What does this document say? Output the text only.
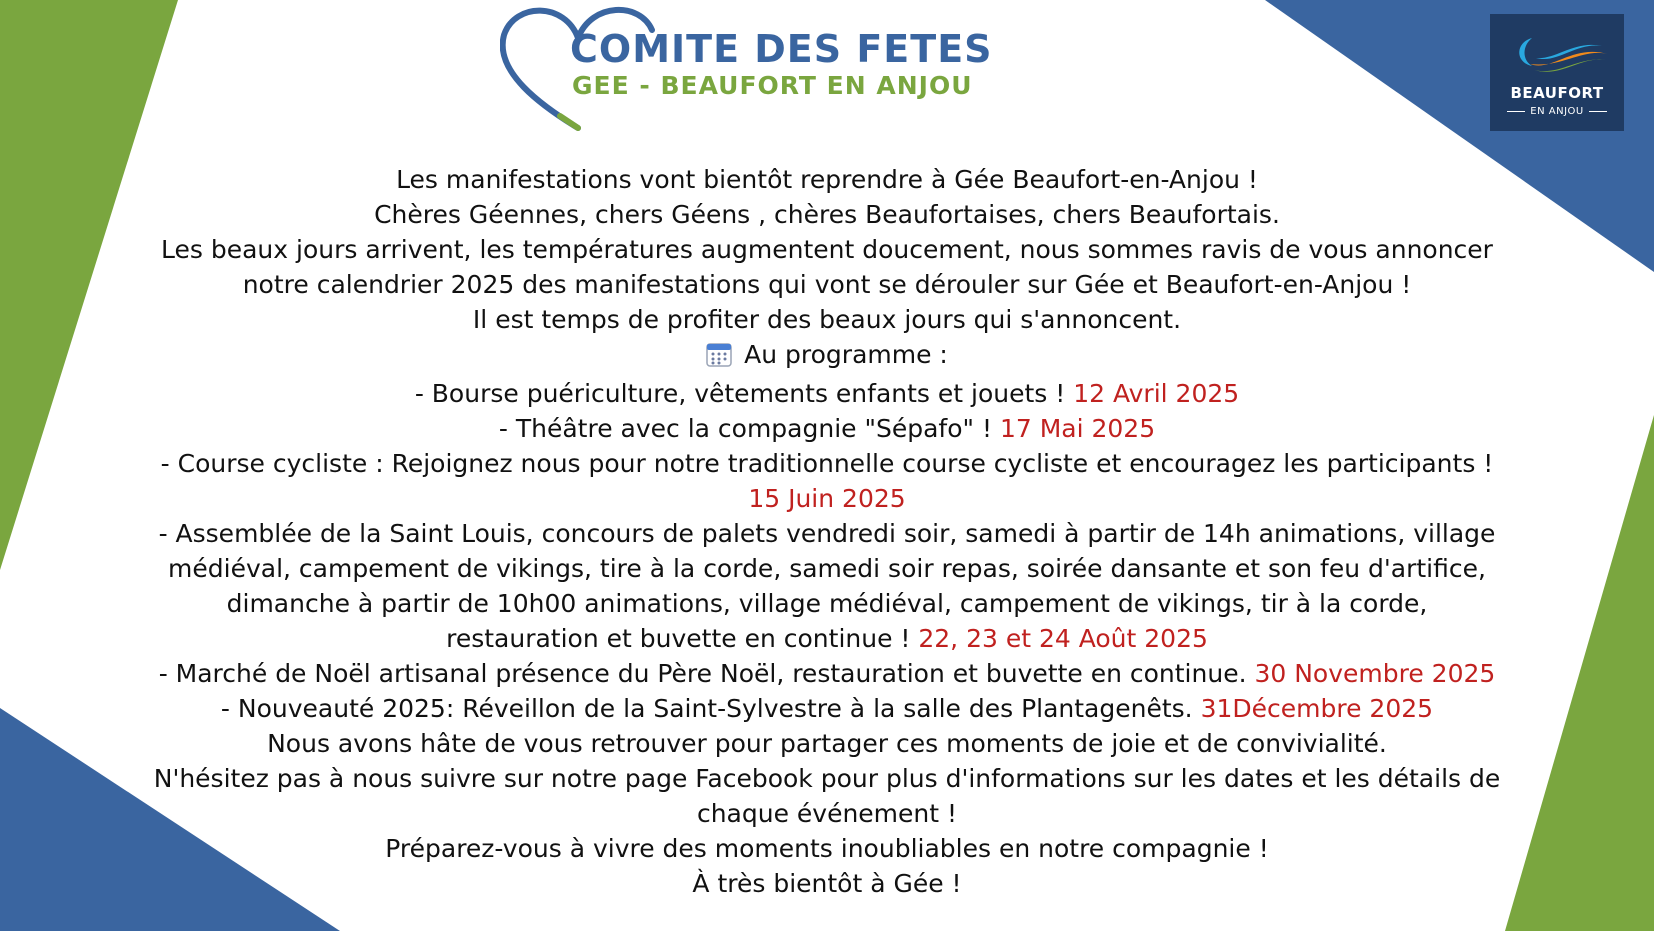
COMITE DES FETES
GEE - BEAUFORT EN ANJOU	BEAUFORT
EN ANJOU
Les manifestations vont bientôt reprendre à Gée Beaufort-en-Anjou !
Chères Géennes, chers Géens , chères Beaufortaises, chers Beaufortais.
Les beaux jours arrivent, les températures augmentent doucement, nous sommes ravis de vous annoncer
notre calendrier 2025 des manifestations qui vont se dérouler sur Gée et Beaufort-en-Anjou !
Il est temps de profiter des beaux jours qui s'annoncent.
Au programme :
- Bourse puériculture, vêtements enfants et jouets ! 12 Avril 2025
- Théâtre avec la compagnie "Sépafo" ! 17 Mai 2025
- Course cycliste : Rejoignez nous pour notre traditionnelle course cycliste et encouragez les participants !
15 Juin 2025
- Assemblée de la Saint Louis, concours de palets vendredi soir, samedi à partir de 14h animations, village
médiéval, campement de vikings, tire à la corde, samedi soir repas, soirée dansante et son feu d'artifice,
dimanche à partir de 10h00 animations, village médiéval, campement de vikings, tir à la corde,
restauration et buvette en continue ! 22, 23 et 24 Août 2025
- Marché de Noël artisanal présence du Père Noël, restauration et buvette en continue. 30 Novembre 2025
- Nouveauté 2025: Réveillon de la Saint-Sylvestre à la salle des Plantagenêts. 31Décembre 2025
Nous avons hâte de vous retrouver pour partager ces moments de joie et de convivialité.
N'hésitez pas à nous suivre sur notre page Facebook pour plus d'informations sur les dates et les détails de
chaque événement !
Préparez-vous à vivre des moments inoubliables en notre compagnie !
À très bientôt à Gée !
